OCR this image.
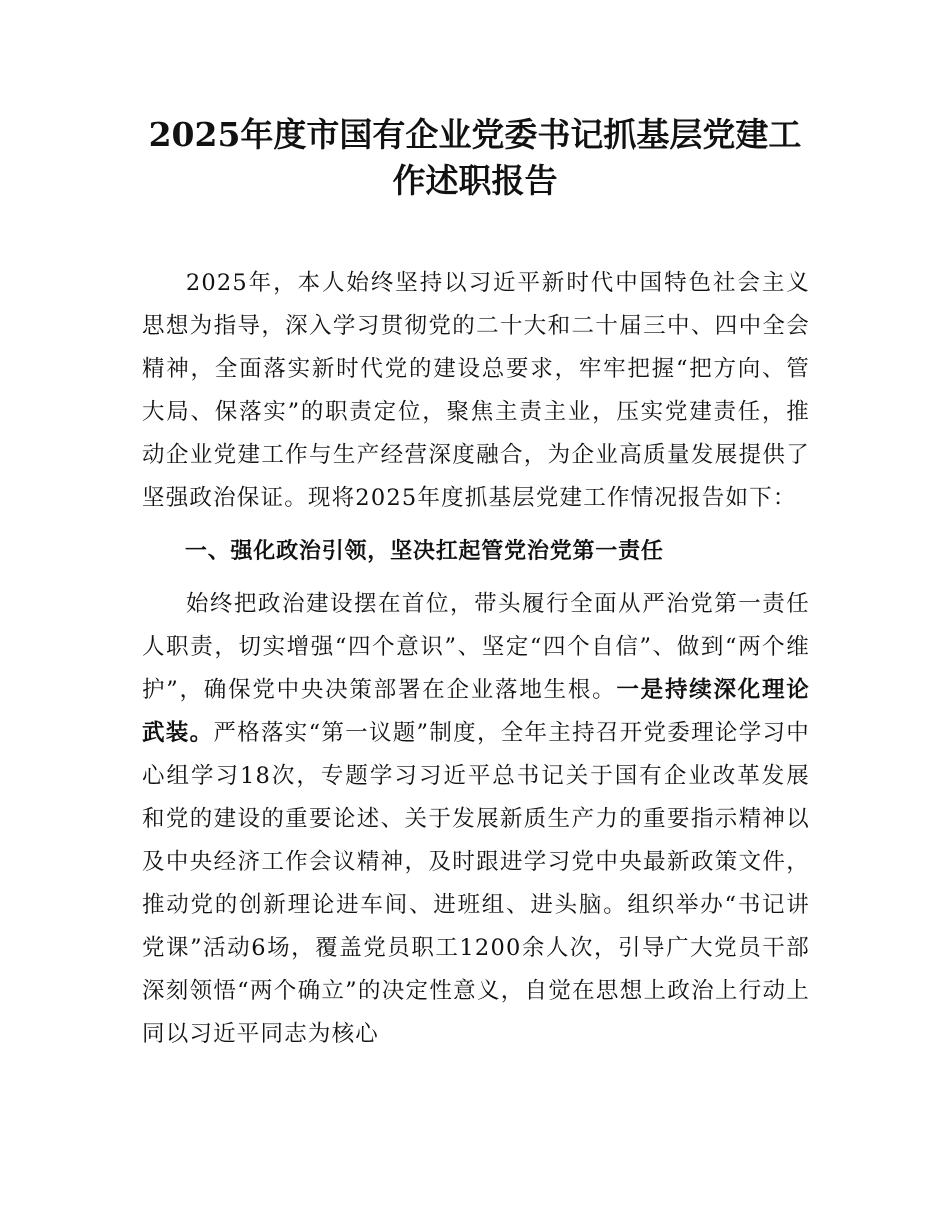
2025年度市国有企业党委书记抓基层党建工
作述职报告

2025年，本人始终坚持以习近平新时代中国特色社会主义思想为指导，深入学习贯彻党的二十大和二十届三中、四中全会精神，全面落实新时代党的建设总要求，牢牢把握“把方向、管大局、保落实”的职责定位，聚焦主责主业，压实党建责任，推动企业党建工作与生产经营深度融合，为企业高质量发展提供了坚强政治保证。现将2025年度抓基层党建工作情况报告如下：

一、强化政治引领，坚决扛起管党治党第一责任

始终把政治建设摆在首位，带头履行全面从严治党第一责任人职责，切实增强“四个意识”、坚定“四个自信”、做到“两个维护”，确保党中央决策部署在企业落地生根。一是持续深化理论武装。严格落实“第一议题”制度，全年主持召开党委理论学习中心组学习18次，专题学习习近平总书记关于国有企业改革发展和党的建设的重要论述、关于发展新质生产力的重要指示精神以及中央经济工作会议精神，及时跟进学习党中央最新政策文件，推动党的创新理论进车间、进班组、进头脑。组织举办“书记讲党课”活动6场，覆盖党员职工1200余人次，引导广大党员干部深刻领悟“两个确立”的决定性意义，自觉在思想上政治上行动上同以习近平同志为核心
